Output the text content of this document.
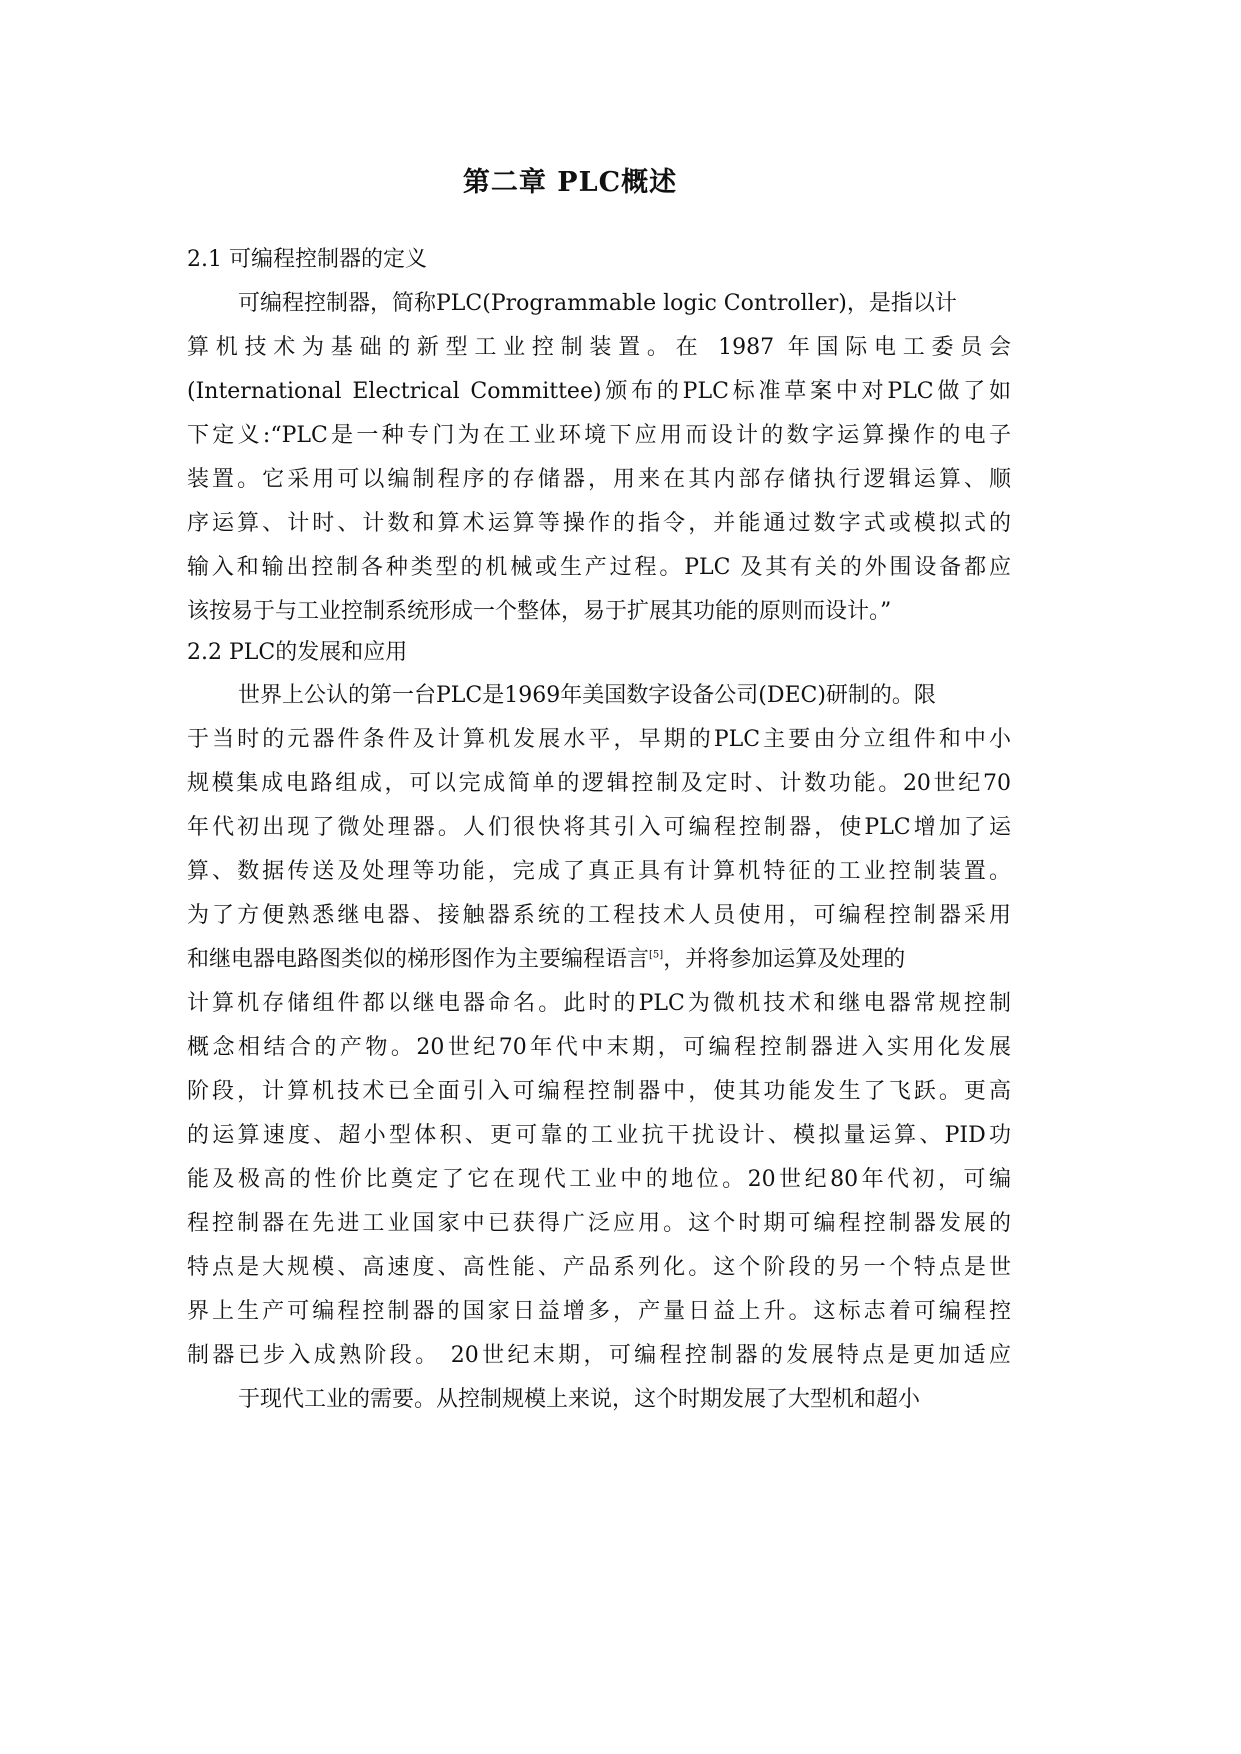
第二章 PLC概述
2.1 可编程控制器的定义
可编程控制器，简称PLC(Programmable logic Controller)，是指以计
算机技术为基础的新型工业控制装置。在 1987 年国际电工委员会
(International Electrical Committee)颁布的PLC标准草案中对PLC做了如
下定义:“PLC是一种专门为在工业环境下应用而设计的数字运算操作的电子
装置。它采用可以编制程序的存储器，用来在其内部存储执行逻辑运算、顺
序运算、计时、计数和算术运算等操作的指令，并能通过数字式或模拟式的
输入和输出控制各种类型的机械或生产过程。PLC 及其有关的外围设备都应
该按易于与工业控制系统形成一个整体，易于扩展其功能的原则而设计。”
2.2 PLC的发展和应用
世界上公认的第一台PLC是1969年美国数字设备公司(DEC)研制的。限
于当时的元器件条件及计算机发展水平，早期的PLC主要由分立组件和中小
规模集成电路组成，可以完成简单的逻辑控制及定时、计数功能。20世纪70
年代初出现了微处理器。人们很快将其引入可编程控制器，使PLC增加了运
算、数据传送及处理等功能，完成了真正具有计算机特征的工业控制装置。
为了方便熟悉继电器、接触器系统的工程技术人员使用，可编程控制器采用
和继电器电路图类似的梯形图作为主要编程语言[5]，并将参加运算及处理的
计算机存储组件都以继电器命名。此时的PLC为微机技术和继电器常规控制
概念相结合的产物。20世纪70年代中末期，可编程控制器进入实用化发展
阶段，计算机技术已全面引入可编程控制器中，使其功能发生了飞跃。更高
的运算速度、超小型体积、更可靠的工业抗干扰设计、模拟量运算、PID功
能及极高的性价比奠定了它在现代工业中的地位。20世纪80年代初，可编
程控制器在先进工业国家中已获得广泛应用。这个时期可编程控制器发展的
特点是大规模、高速度、高性能、产品系列化。这个阶段的另一个特点是世
界上生产可编程控制器的国家日益增多，产量日益上升。这标志着可编程控
制器已步入成熟阶段。 20世纪末期，可编程控制器的发展特点是更加适应
于现代工业的需要。从控制规模上来说，这个时期发展了大型机和超小
